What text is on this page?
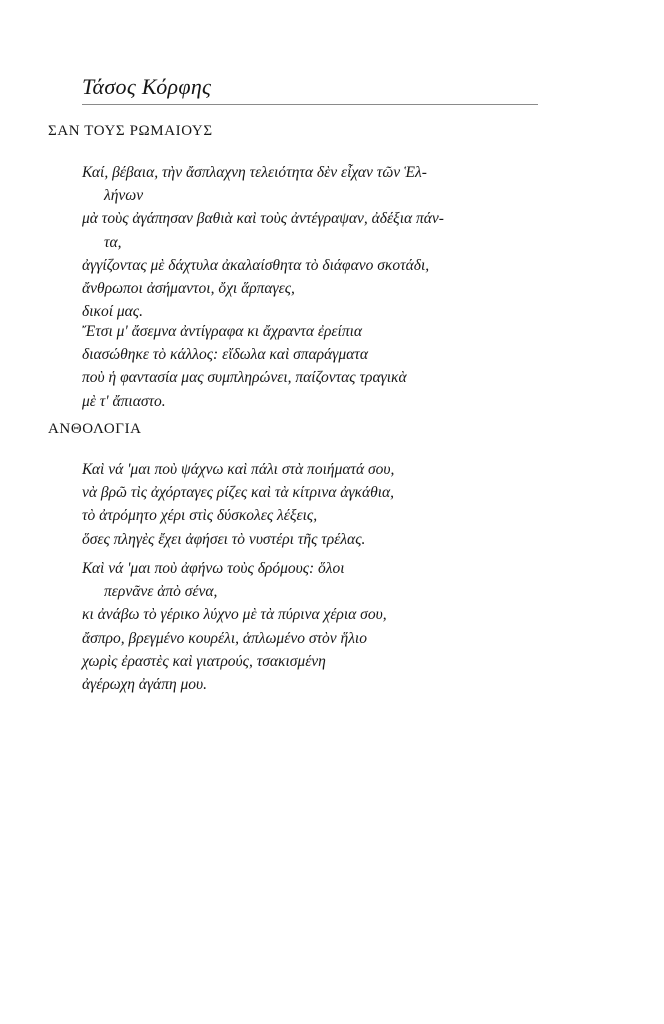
Τάσος Κόρφης
ΣΑΝ ΤΟΥΣ ΡΩΜΑΙΟΥΣ
Καί, βέβαια, τὴν ἄσπλαχνη τελειότητα δὲν εἶχαν τῶν Ἑλ-
λήνων
μὰ τοὺς ἀγάπησαν βαθιὰ καὶ τοὺς ἀντέγραψαν, ἀδέξια πάν-
τα,
ἀγγίζοντας μὲ δάχτυλα ἀκαλαίσθητα τὸ διάφανο σκοτάδι,
ἄνθρωποι ἀσήμαντοι, ὄχι ἅρπαγες,
δικοί μας.
Ἔτσι μ' ἄσεμνα ἀντίγραφα κι ἄχραντα ἐρείπια
διασώθηκε τὸ κάλλος: εἴδωλα καὶ σπαράγματα
ποὺ ἡ φαντασία μας συμπληρώνει, παίζοντας τραγικὰ
μὲ τ' ἄπιαστο.
ΑΝΘΟΛΟΓΙΑ
Καὶ νά 'μαι ποὺ ψάχνω καὶ πάλι στὰ ποιήματά σου,
νὰ βρῶ τὶς ἀχόρταγες ρίζες καὶ τὰ κίτρινα ἀγκάθια,
τὸ ἀτρόμητο χέρι στὶς δύσκολες λέξεις,
ὅσες πληγὲς ἔχει ἀφήσει τὸ νυστέρι τῆς τρέλας.
Καὶ νά 'μαι ποὺ ἀφήνω τοὺς δρόμους: ὅλοι
περνᾶνε ἀπὸ σένα,
κι ἀνάβω τὸ γέρικο λύχνο μὲ τὰ πύρινα χέρια σου,
ἄσπρο, βρεγμένο κουρέλι, ἁπλωμένο στὸν ἥλιο
χωρὶς ἐραστὲς καὶ γιατρούς, τσακισμένη
ἀγέρωχη ἀγάπη μου.
